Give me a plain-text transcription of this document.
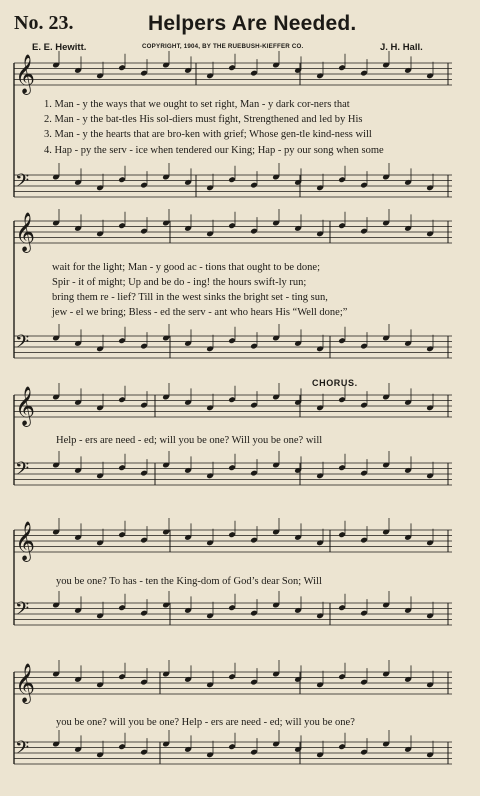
No. 23.	Helpers Are Needed.
E. E. Hewitt.	COPYRIGHT, 1904, BY THE RUEBUSH-KIEFFER CO.	J. H. Hall.
𝄞
𝄢
𝄞
𝄢
𝄞
𝄢
𝄞
𝄢
𝄞
𝄢
1. Man - y the ways that we ought to set right, Man - y dark cor-ners that
2. Man - y the bat-tles His sol-diers must fight, Strengthened and led by His
3. Man - y the hearts that are bro-ken with grief; Whose gen-tle kind-ness will
4. Hap - py the serv - ice when tendered our King; Hap - py our song when some
wait for the light; Man - y good ac - tions that ought to be done;
Spir - it of might; Up and be do - ing! the hours swift-ly run;
bring them re - lief? Till in the west sinks the bright set - ting sun,
jew - el we bring; Bless - ed the serv - ant who hears His “Well done;”
CHORUS.
Help - ers are need - ed; will you be one? Will you be one? will
you be one? To has - ten the King-dom of God’s dear Son; Will
you be one? will you be one? Help - ers are need - ed; will you be one?
